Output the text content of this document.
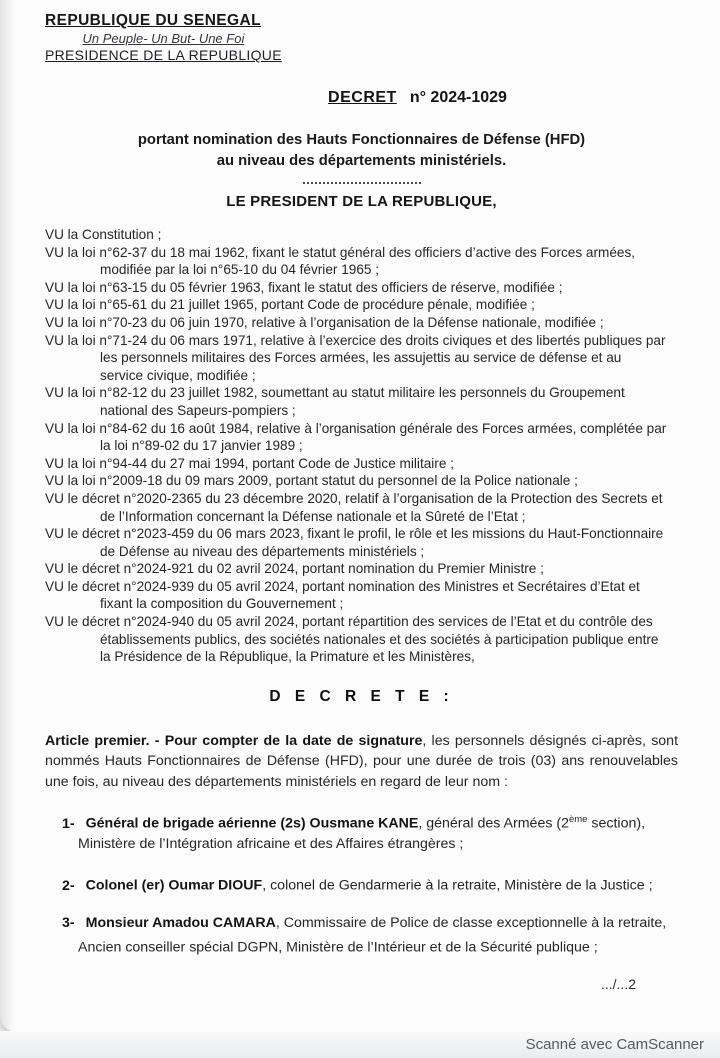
REPUBLIQUE DU SENEGAL
Un Peuple- Un But- Une Foi
PRESIDENCE DE LA REPUBLIQUE
DECRET n° 2024-1029
portant nomination des Hauts Fonctionnaires de Défense (HFD)
au niveau des départements ministériels.
LE PRESIDENT DE LA REPUBLIQUE,

VU la Constitution ;

VU la loi n°62-37 du 18 mai 1962, fixant le statut général des officiers d’active des Forces armées, modifiée par la loi n°65-10 du 04 février 1965 ;

VU la loi n°63-15 du 05 février 1963, fixant le statut des officiers de réserve, modifiée ;

VU la loi n°65-61 du 21 juillet 1965, portant Code de procédure pénale, modifiée ;

VU la loi n°70-23 du 06 juin 1970, relative à l’organisation de la Défense nationale, modifiée ;

VU la loi n°71-24 du 06 mars 1971, relative à l’exercice des droits civiques et des libertés publiques par les personnels militaires des Forces armées, les assujettis au service de défense et au service civique, modifiée ;

VU la loi n°82-12 du 23 juillet 1982, soumettant au statut militaire les personnels du Groupement national des Sapeurs-pompiers ;

VU la loi n°84-62 du 16 août 1984, relative à l’organisation générale des Forces armées, complétée par la loi n°89-02 du 17 janvier 1989 ;

VU la loi n°94-44 du 27 mai 1994, portant Code de Justice militaire ;

VU la loi n°2009-18 du 09 mars 2009, portant statut du personnel de la Police nationale ;

VU le décret n°2020-2365 du 23 décembre 2020, relatif à l’organisation de la Protection des Secrets et de l’Information concernant la Défense nationale et la Sûreté de l’Etat ;

VU le décret n°2023-459 du 06 mars 2023, fixant le profil, le rôle et les missions du Haut-Fonctionnaire de Défense au niveau des départements ministériels ;

VU le décret n°2024-921 du 02 avril 2024, portant nomination du Premier Ministre ;

VU le décret n°2024-939 du 05 avril 2024, portant nomination des Ministres et Secrétaires d’Etat et fixant la composition du Gouvernement ;

VU le décret n°2024-940 du 05 avril 2024, portant répartition des services de l’Etat et du contrôle des établissements publics, des sociétés nationales et des sociétés à participation publique entre la Présidence de la République, la Primature et les Ministères,

D E C R E T E :

Article premier. - Pour compter de la date de signature, les personnels désignés ci-après, sont nommés Hauts Fonctionnaires de Défense (HFD), pour une durée de trois (03) ans renouvelables une fois, au niveau des départements ministériels en regard de leur nom :

1- Général de brigade aérienne (2s) Ousmane KANE, général des Armées (2ème section), Ministère de l’Intégration africaine et des Affaires étrangères ;
2- Colonel (er) Oumar DIOUF, colonel de Gendarmerie à la retraite, Ministère de la Justice ;
3- Monsieur Amadou CAMARA, Commissaire de Police de classe exceptionnelle à la retraite, Ancien conseiller spécial DGPN, Ministère de l’Intérieur et de la Sécurité publique ;
.../...2
Scanné avec CamScanner
